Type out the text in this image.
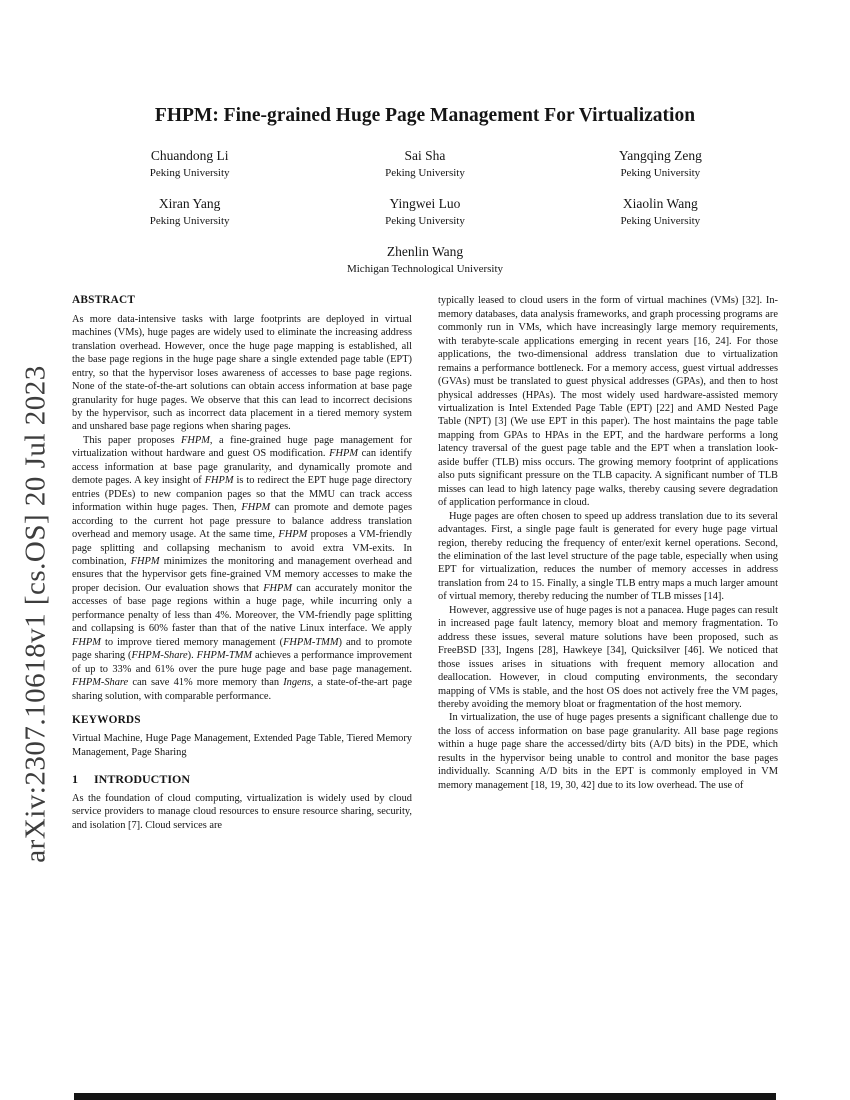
arXiv:2307.10618v1 [cs.OS] 20 Jul 2023
FHPM: Fine-grained Huge Page Management For Virtualization
Chuandong Li
Peking University
Sai Sha
Peking University
Yangqing Zeng
Peking University
Xiran Yang
Peking University
Yingwei Luo
Peking University
Xiaolin Wang
Peking University
Zhenlin Wang
Michigan Technological University
ABSTRACT

As more data-intensive tasks with large footprints are deployed in virtual machines (VMs), huge pages are widely used to eliminate the increasing address translation overhead. However, once the huge page mapping is established, all the base page regions in the huge page share a single extended page table (EPT) entry, so that the hypervisor loses awareness of accesses to base page regions. None of the state-of-the-art solutions can obtain access information at base page granularity for huge pages. We observe that this can lead to incorrect decisions by the hypervisor, such as incorrect data placement in a tiered memory system and unshared base page regions when sharing pages.

This paper proposes FHPM, a fine-grained huge page management for virtualization without hardware and guest OS modification. FHPM can identify access information at base page granularity, and dynamically promote and demote pages. A key insight of FHPM is to redirect the EPT huge page directory entries (PDEs) to new companion pages so that the MMU can track access information within huge pages. Then, FHPM can promote and demote pages according to the current hot page pressure to balance address translation overhead and memory usage. At the same time, FHPM proposes a VM-friendly page splitting and collapsing mechanism to avoid extra VM-exits. In combination, FHPM minimizes the monitoring and management overhead and ensures that the hypervisor gets fine-grained VM memory accesses to make the proper decision. Our evaluation shows that FHPM can accurately monitor the accesses of base page regions within a huge page, while incurring only a performance penalty of less than 4%. Moreover, the VM-friendly page splitting and collapsing is 60% faster than that of the native Linux interface. We apply FHPM to improve tiered memory management (FHPM-TMM) and to promote page sharing (FHPM-Share). FHPM-TMM achieves a performance improvement of up to 33% and 61% over the pure huge page and base page management. FHPM-Share can save 41% more memory than Ingens, a state-of-the-art page sharing solution, with comparable performance.

KEYWORDS

Virtual Machine, Huge Page Management, Extended Page Table, Tiered Memory Management, Page Sharing

1 INTRODUCTION

As the foundation of cloud computing, virtualization is widely used by cloud service providers to manage cloud resources to ensure resource sharing, security, and isolation [7]. Cloud services are

typically leased to cloud users in the form of virtual machines (VMs) [32]. In-memory databases, data analysis frameworks, and graph processing programs are commonly run in VMs, which have increasingly large memory requirements, with terabyte-scale applications emerging in recent years [16, 24]. For those applications, the two-dimensional address translation due to virtualization remains a performance bottleneck. For a memory access, guest virtual addresses (GVAs) must be translated to guest physical addresses (GPAs), and then to host physical addresses (HPAs). The most widely used hardware-assisted memory virtualization is Intel Extended Page Table (EPT) [22] and AMD Nested Page Table (NPT) [3] (We use EPT in this paper). The host maintains the page table mapping from GPAs to HPAs in the EPT, and the hardware performs a long latency traversal of the guest page table and the EPT when a translation look-aside buffer (TLB) miss occurs. The growing memory footprint of applications also puts significant pressure on the TLB capacity. A significant number of TLB misses can lead to high latency page walks, thereby causing severe degradation of application performance in cloud.

Huge pages are often chosen to speed up address translation due to its several advantages. First, a single page fault is generated for every huge page virtual region, thereby reducing the frequency of enter/exit kernel operations. Second, the elimination of the last level structure of the page table, especially when using EPT for virtualization, reduces the number of memory accesses in address translation from 24 to 15. Finally, a single TLB entry maps a much larger amount of virtual memory, thereby reducing the number of TLB misses [14].

However, aggressive use of huge pages is not a panacea. Huge pages can result in increased page fault latency, memory bloat and memory fragmentation. To address these issues, several mature solutions have been proposed, such as FreeBSD [33], Ingens [28], Hawkeye [34], Quicksilver [46]. We noticed that those issues arises in situations with frequent memory allocation and deallocation. However, in cloud computing environments, the secondary mapping of VMs is stable, and the host OS does not actively free the VM pages, thereby avoiding the memory bloat or fragmentation of the host memory.

In virtualization, the use of huge pages presents a significant challenge due to the loss of access information on base page granularity. All base page regions within a huge page share the accessed/dirty bits (A/D bits) in the PDE, which results in the hypervisor being unable to control and monitor the base pages individually. Scanning A/D bits in the EPT is commonly employed in VM memory management [18, 19, 30, 42] due to its low overhead. The use of
